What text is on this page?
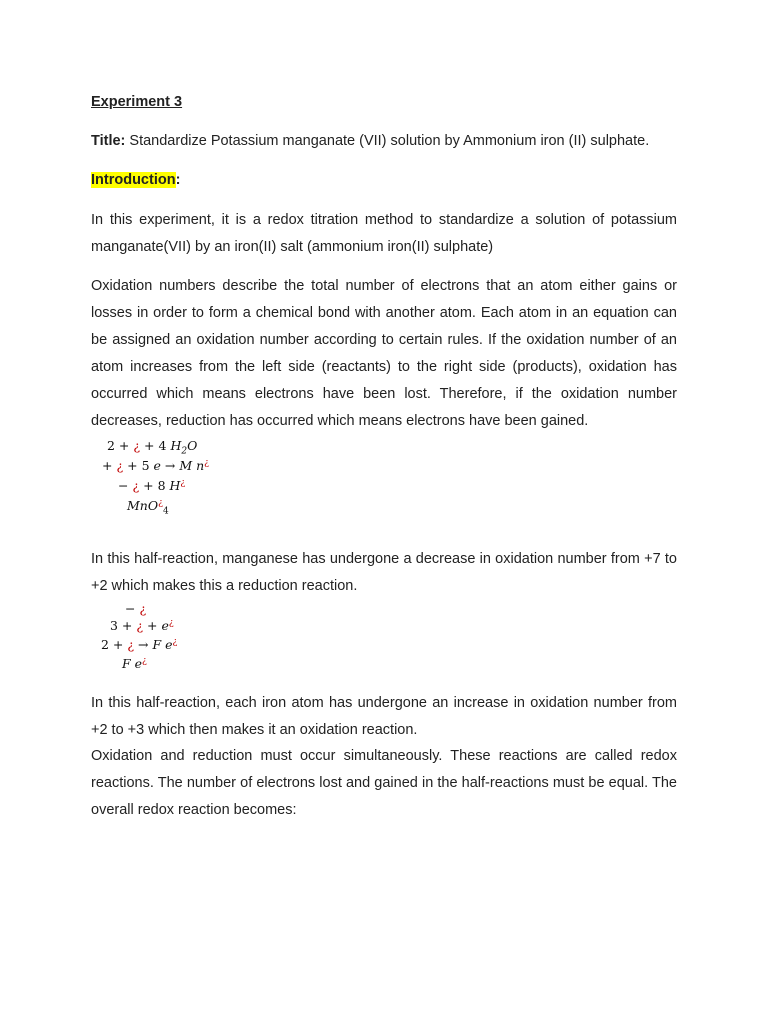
Experiment 3
Title: Standardize Potassium manganate (VII) solution by Ammonium iron (II) sulphate.
Introduction:
In this experiment, it is a redox titration method to standardize a solution of potassium manganate(VII) by an iron(II) salt (ammonium iron(II) sulphate)
Oxidation numbers describe the total number of electrons that an atom either gains or losses in order to form a chemical bond with another atom. Each atom in an equation can be assigned an oxidation number according to certain rules. If the oxidation number of an atom increases from the left side (reactants) to the right side (products), oxidation has occurred which means electrons have been lost. Therefore, if the oxidation number decreases, reduction has occurred which means electrons have been gained.
2 + ¿ + 4 $H_2O$
+ ¿ + 5 e → M n¿
− ¿ + 8 H¿
MnO¿$_4$
In this half-reaction, manganese has undergone a decrease in oxidation number from +7 to +2 which makes this a reduction reaction.
− ¿
3 + ¿ + e¿
2 + ¿ → F e¿
F e¿
In this half-reaction, each iron atom has undergone an increase in oxidation number from +2 to +3 which then makes it an oxidation reaction.
Oxidation and reduction must occur simultaneously. These reactions are called redox reactions. The number of electrons lost and gained in the half-reactions must be equal. The overall redox reaction becomes:
